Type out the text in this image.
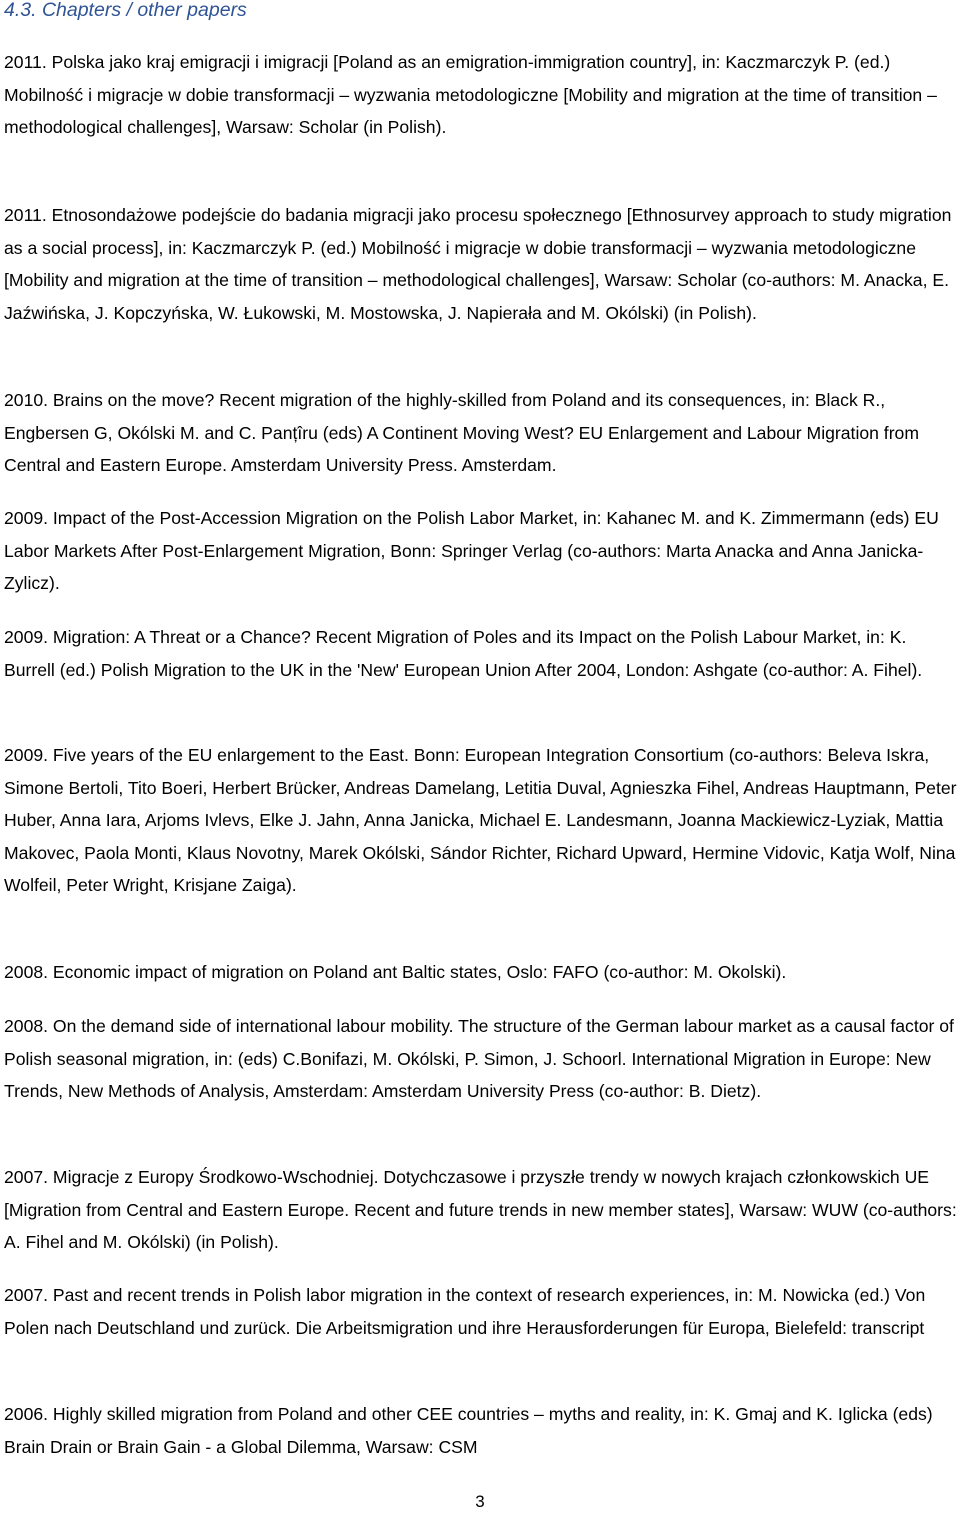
4.3. Chapters / other papers

2011. Polska jako kraj emigracji i imigracji [Poland as an emigration-immigration country], in: Kaczmarczyk P. (ed.) Mobilność i migracje w dobie transformacji – wyzwania metodologiczne [Mobility and migration at the time of transition – methodological challenges], Warsaw: Scholar (in Polish).

2011. Etnosondażowe podejście do badania migracji jako procesu społecznego [Ethnosurvey approach to study migration as a social process], in: Kaczmarczyk P. (ed.) Mobilność i migracje w dobie transformacji – wyzwania metodologiczne [Mobility and migration at the time of transition – methodological challenges], Warsaw: Scholar (co-authors: M. Anacka, E. Jaźwińska, J. Kopczyńska, W. Łukowski, M. Mostowska, J. Napierała and M. Okólski) (in Polish).

2010. Brains on the move? Recent migration of the highly-skilled from Poland and its consequences, in: Black R., Engbersen G, Okólski M. and C. Panțîru (eds) A Continent Moving West? EU Enlargement and Labour Migration from Central and Eastern Europe. Amsterdam University Press. Amsterdam.

2009. Impact of the Post-Accession Migration on the Polish Labor Market, in: Kahanec M. and K. Zimmermann (eds) EU Labor Markets After Post-Enlargement Migration, Bonn: Springer Verlag (co-authors: Marta Anacka and Anna Janicka-Zylicz).

2009. Migration: A Threat or a Chance? Recent Migration of Poles and its Impact on the Polish Labour Market, in: K. Burrell (ed.) Polish Migration to the UK in the 'New' European Union After 2004, London: Ashgate (co-author: A. Fihel).

2009. Five years of the EU enlargement to the East. Bonn: European Integration Consortium (co-authors: Beleva Iskra, Simone Bertoli, Tito Boeri, Herbert Brücker, Andreas Damelang, Letitia Duval, Agnieszka Fihel, Andreas Hauptmann, Peter Huber, Anna Iara, Arjoms Ivlevs, Elke J. Jahn, Anna Janicka, Michael E. Landesmann, Joanna Mackiewicz-Lyziak, Mattia Makovec, Paola Monti, Klaus Novotny, Marek Okólski, Sándor Richter, Richard Upward, Hermine Vidovic, Katja Wolf, Nina Wolfeil, Peter Wright, Krisjane Zaiga).

2008. Economic impact of migration on Poland ant Baltic states, Oslo: FAFO (co-author: M. Okolski).

2008. On the demand side of international labour mobility. The structure of the German labour market as a causal factor of Polish seasonal migration, in: (eds) C.Bonifazi, M. Okólski, P. Simon, J. Schoorl. International Migration in Europe: New Trends, New Methods of Analysis, Amsterdam: Amsterdam University Press (co-author: B. Dietz).

2007. Migracje z Europy Środkowo-Wschodniej. Dotychczasowe i przyszłe trendy w nowych krajach członkowskich UE [Migration from Central and Eastern Europe. Recent and future trends in new member states], Warsaw: WUW (co-authors: A. Fihel and M. Okólski) (in Polish).

2007. Past and recent trends in Polish labor migration in the context of research experiences, in: M. Nowicka (ed.) Von Polen nach Deutschland und zurück. Die Arbeitsmigration und ihre Herausforderungen für Europa, Bielefeld: transcript

2006. Highly skilled migration from Poland and other CEE countries – myths and reality, in: K. Gmaj and K. Iglicka (eds) Brain Drain or Brain Gain - a Global Dilemma, Warsaw: CSM

3
